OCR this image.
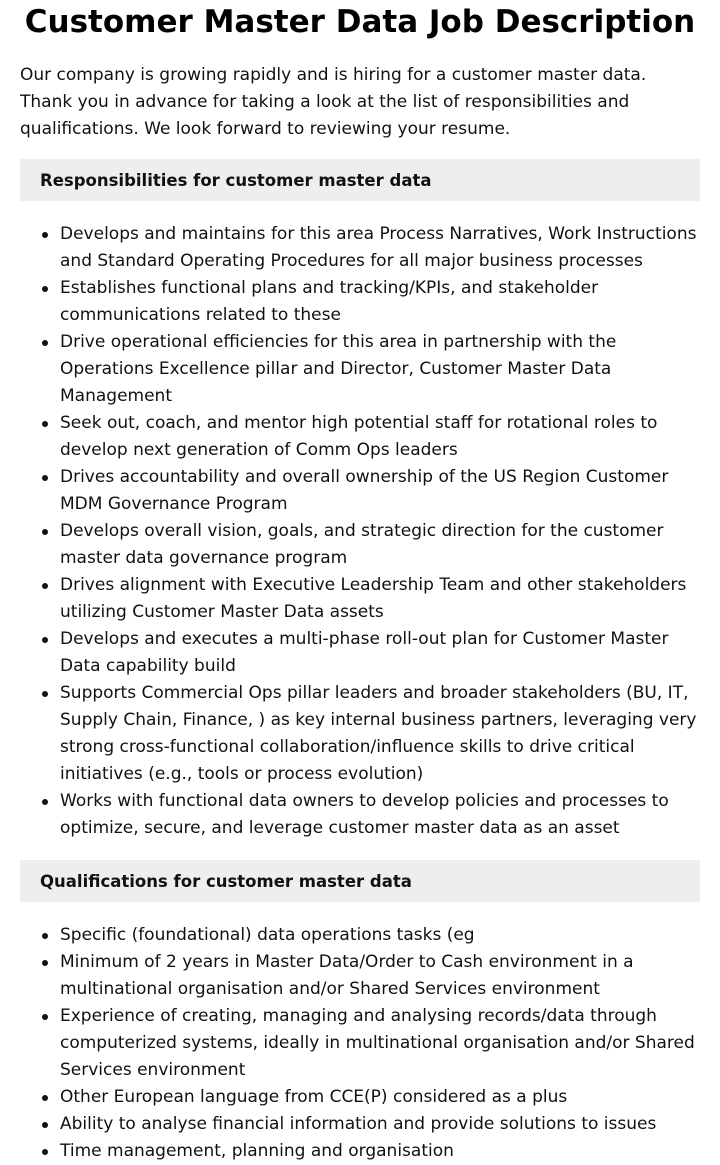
Customer Master Data Job Description

Our company is growing rapidly and is hiring for a customer master data. Thank you in advance for taking a look at the list of responsibilities and qualifications. We look forward to reviewing your resume.

Responsibilities for customer master data
Develops and maintains for this area Process Narratives, Work Instructions and Standard Operating Procedures for all major business processes
Establishes functional plans and tracking/KPIs, and stakeholder communications related to these
Drive operational efficiencies for this area in partnership with the Operations Excellence pillar and Director, Customer Master Data Management
Seek out, coach, and mentor high potential staff for rotational roles to develop next generation of Comm Ops leaders
Drives accountability and overall ownership of the US Region Customer MDM Governance Program
Develops overall vision, goals, and strategic direction for the customer master data governance program
Drives alignment with Executive Leadership Team and other stakeholders utilizing Customer Master Data assets
Develops and executes a multi-phase roll-out plan for Customer Master Data capability build
Supports Commercial Ops pillar leaders and broader stakeholders (BU, IT, Supply Chain, Finance, ) as key internal business partners, leveraging very strong cross-functional collaboration/influence skills to drive critical initiatives (e.g., tools or process evolution)
Works with functional data owners to develop policies and processes to optimize, secure, and leverage customer master data as an asset
Qualifications for customer master data
Specific (foundational) data operations tasks (eg
Minimum of 2 years in Master Data/Order to Cash environment in a multinational organisation and/or Shared Services environment
Experience of creating, managing and analysing records/data through computerized systems, ideally in multinational organisation and/or Shared Services environment
Other European language from CCE(P) considered as a plus
Ability to analyse financial information and provide solutions to issues
Time management, planning and organisation
